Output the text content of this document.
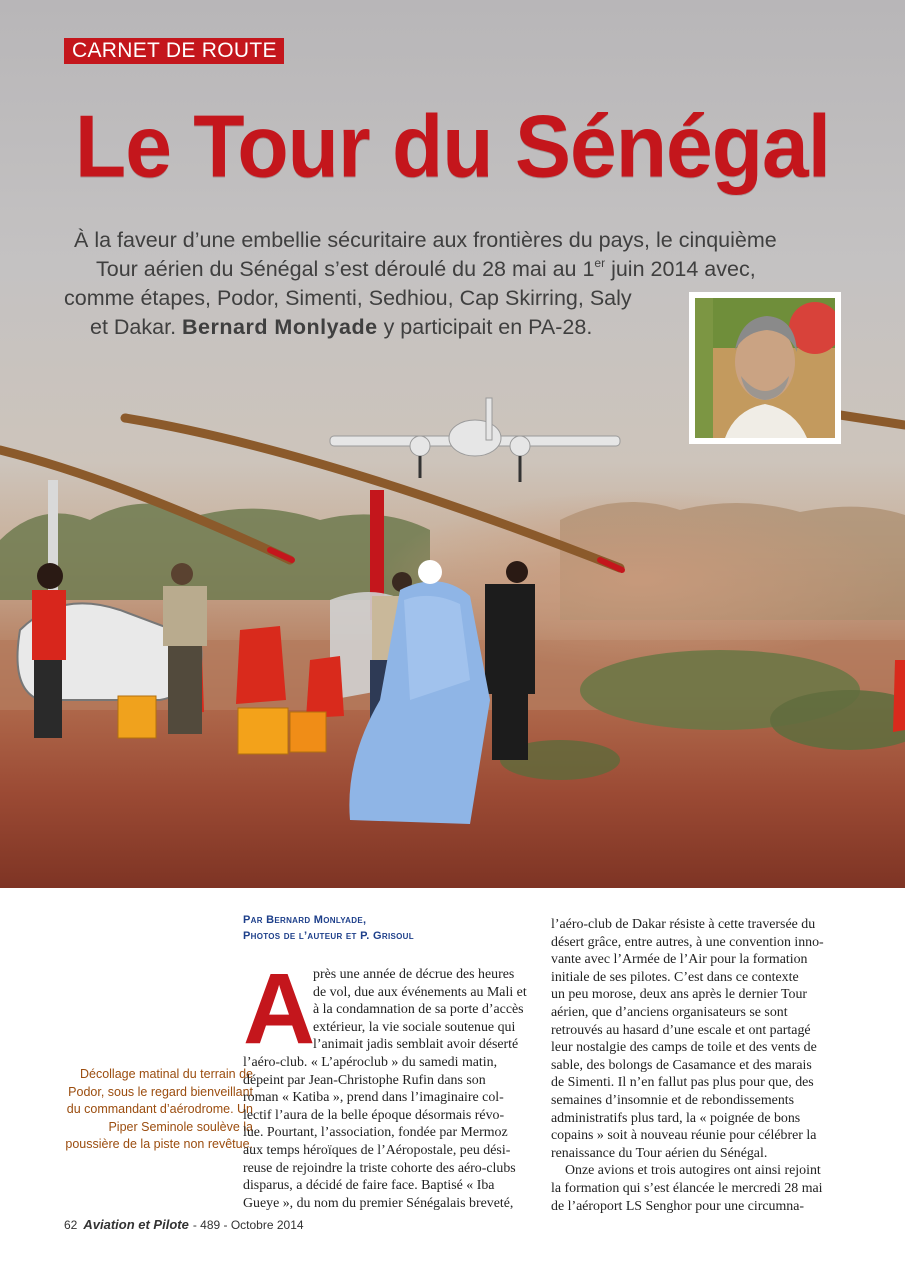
CARNET DE ROUTE
Le Tour du Sénégal

À la faveur d’une embellie sécuritaire aux frontières du pays, le cinquième
Tour aérien du Sénégal s’est déroulé du 28 mai au 1er juin 2014 avec,
comme étapes, Podor, Simenti, Sedhiou, Cap Skirring, Saly
et Dakar. Bernard Monlyade y participait en PA-28.

Décollage matinal du terrain de Podor, sous le regard bienveillant du commandant d’aérodrome. Un Piper Seminole soulève la poussière de la piste non revêtue.

Par Bernard Monlyade,
Photos de l’auteur et P. Grisoul
A
près une année de décrue des heures
de vol, due aux événements au Mali et
à la condamnation de sa porte d’accès
extérieur, la vie sociale soutenue qui
l’animait jadis semblait avoir déserté
l’aéro-club. « L’apéroclub » du samedi matin,
dépeint par Jean-Christophe Rufin dans son
roman « Katiba », prend dans l’imaginaire col-
lectif l’aura de la belle époque désormais révo-
lue. Pourtant, l’association, fondée par Mermoz
aux temps héroïques de l’Aéropostale, peu dési-
reuse de rejoindre la triste cohorte des aéro-clubs
disparus, a décidé de faire face. Baptisé « Iba
Gueye », du nom du premier Sénégalais breveté,
l’aéro-club de Dakar résiste à cette traversée du
désert grâce, entre autres, à une convention inno-
vante avec l’Armée de l’Air pour la formation
initiale de ses pilotes. C’est dans ce contexte
un peu morose, deux ans après le dernier Tour
aérien, que d’anciens organisateurs se sont
retrouvés au hasard d’une escale et ont partagé
leur nostalgie des camps de toile et des vents de
sable, des bolongs de Casamance et des marais
de Simenti. Il n’en fallut pas plus pour que, des
semaines d’insomnie et de rebondissements
administratifs plus tard, la « poignée de bons
copains » soit à nouveau réunie pour célébrer la
renaissance du Tour aérien du Sénégal.
Onze avions et trois autogires ont ainsi rejoint
la formation qui s’est élancée le mercredi 28 mai
de l’aéroport LS Senghor pour une circumna-
62 Aviation et Pilote - 489 - Octobre 2014
